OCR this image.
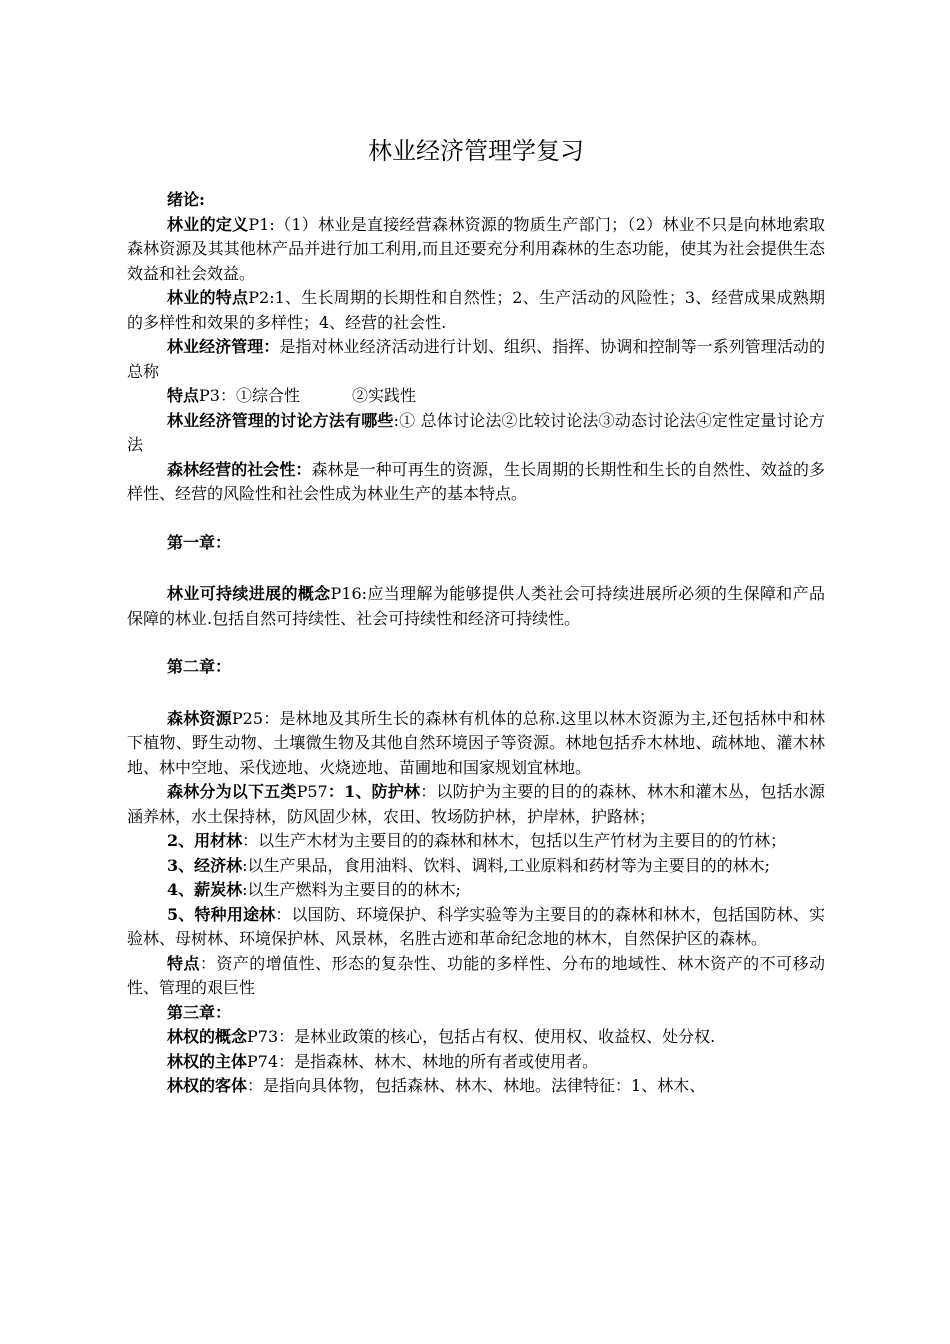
林业经济管理学复习

绪论:

林业的定义P1:（1）林业是直接经营森林资源的物质生产部门；（2）林业不只是向林地索取森林资源及其其他林产品并进行加工利用,而且还要充分利用森林的生态功能，使其为社会提供生态效益和社会效益。

林业的特点P2:1、生长周期的长期性和自然性；2、生产活动的风险性；3、经营成果成熟期的多样性和效果的多样性；4、经营的社会性.

林业经济管理：是指对林业经济活动进行计划、组织、指挥、协调和控制等一系列管理活动的总称

特点P3：①综合性	②实践性

林业经济管理的讨论方法有哪些:① 总体讨论法②比较讨论法③动态讨论法④定性定量讨论方法

森林经营的社会性：森林是一种可再生的资源，生长周期的长期性和生长的自然性、效益的多样性、经营的风险性和社会性成为林业生产的基本特点。

第一章：

林业可持续进展的概念P16:应当理解为能够提供人类社会可持续进展所必须的生保障和产品保障的林业.包括自然可持续性、社会可持续性和经济可持续性。

第二章：

森林资源P25：是林地及其所生长的森林有机体的总称.这里以林木资源为主,还包括林中和林下植物、野生动物、土壤微生物及其他自然环境因子等资源。林地包括乔木林地、疏林地、灌木林地、林中空地、采伐迹地、火烧迹地、苗圃地和国家规划宜林地。

森林分为以下五类P57：1、防护林：以防护为主要的目的的森林、林木和灌木丛，包括水源涵养林，水土保持林，防风固少林，农田、牧场防护林，护岸林，护路林；

2、用材林：以生产木材为主要目的的森林和林木，包括以生产竹材为主要目的的竹林；

3、经济林:以生产果品，食用油料、饮料、调料,工业原料和药材等为主要目的的林木;

4、薪炭林:以生产燃料为主要目的的林木;

5、特种用途林：以国防、环境保护、科学实验等为主要目的的森林和林木，包括国防林、实验林、母树林、环境保护林、风景林，名胜古迹和革命纪念地的林木，自然保护区的森林。

特点：资产的增值性、形态的复杂性、功能的多样性、分布的地域性、林木资产的不可移动性、管理的艰巨性

第三章：

林权的概念P73：是林业政策的核心，包括占有权、使用权、收益权、处分权.

林权的主体P74：是指森林、林木、林地的所有者或使用者。

林权的客体：是指向具体物，包括森林、林木、林地。法律特征：1、林木、
